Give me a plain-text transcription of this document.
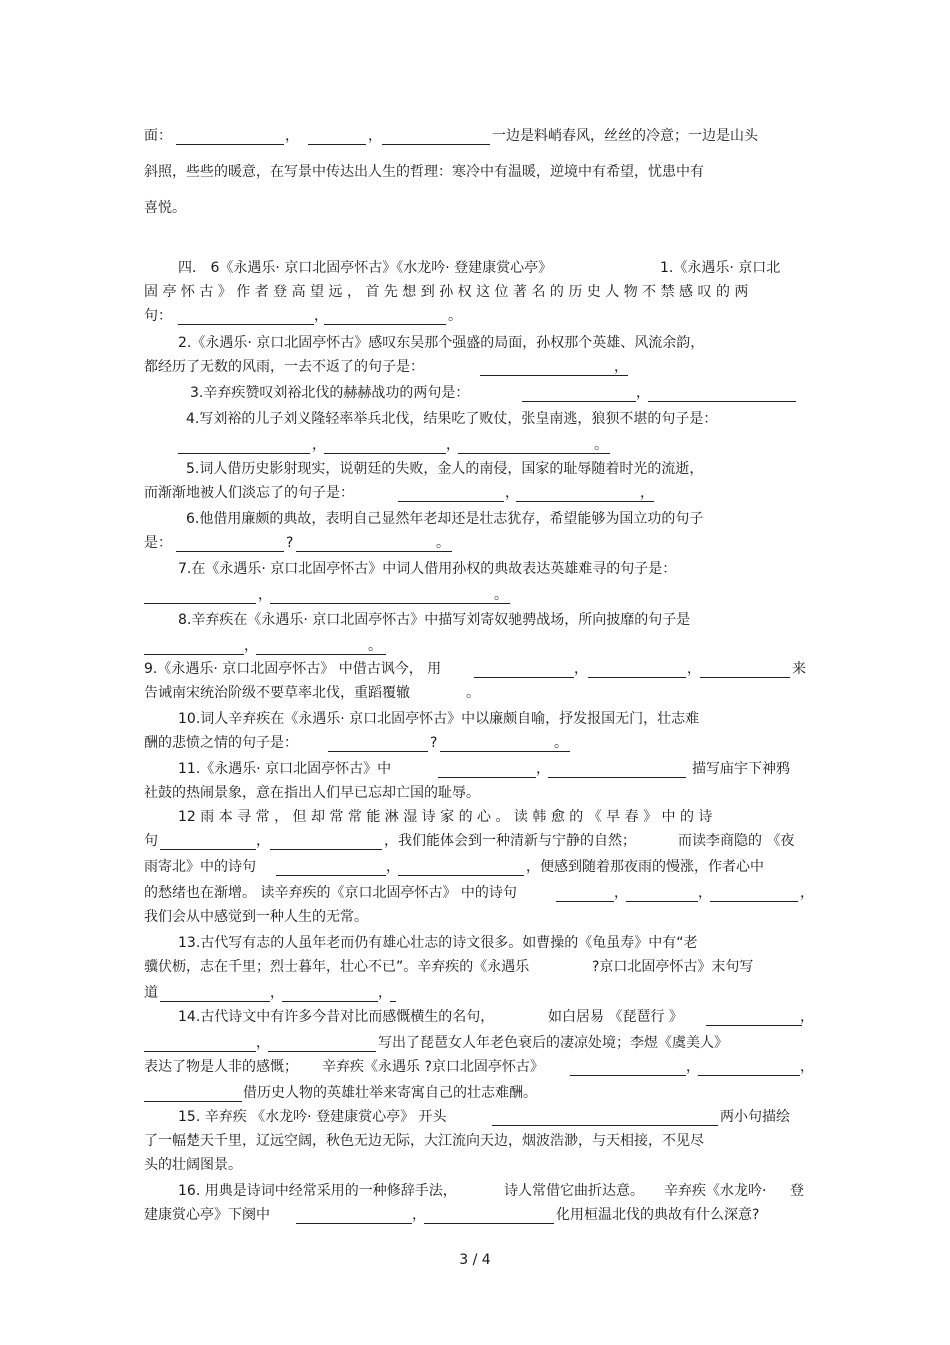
面：	，	，	一边是料峭春风，丝丝的冷意；一边是山头
斜照，些些的暖意，在写景中传达出人生的哲理：寒冷中有温暖，逆境中有希望，忧患中有
喜悦。
四． 6《永遇乐· 京口北固亭怀古》《水龙吟· 登建康赏心亭》	1.《永遇乐· 京口北
固 亭 怀 古 》 作 者 登 高 望 远 ， 首 先 想 到 孙 权 这 位 著 名 的 历 史 人 物 不 禁 感 叹 的 两
句：	，	。
2.《永遇乐· 京口北固亭怀古》感叹东吴那个强盛的局面，孙权那个英雄、风流余韵，
都经历了无数的风雨，一去不返了的句子是：	，
3.辛弃疾赞叹刘裕北伐的赫赫战功的两句是：	，
4.写刘裕的儿子刘义隆轻率举兵北伐，结果吃了败仗，张皇南逃，狼狈不堪的句子是：
，	，	。
5.词人借历史影射现实，说朝廷的失败，金人的南侵，国家的耻辱随着时光的流逝，
而渐渐地被人们淡忘了的句子是：	，	，
6.他借用廉颇的典故，表明自己显然年老却还是壮志犹存，希望能够为国立功的句子
是：	?	。
7.在《永遇乐· 京口北固亭怀古》中词人借用孙权的典故表达英雄难寻的句子是：
，	。
8.辛弃疾在《永遇乐· 京口北固亭怀古》中描写刘寄奴驰骋战场，所向披靡的句子是
，	。
9.《永遇乐· 京口北固亭怀古》 中借古讽今， 用	，	，	来
告诫南宋统治阶级不要草率北伐，重蹈覆辙	。
10.词人辛弃疾在《永遇乐· 京口北固亭怀古》中以廉颇自喻，抒发报国无门，壮志难
酬的悲愤之情的句子是：	?	。
11.《永遇乐· 京口北固亭怀古》中	，	描写庙宇下神鸦
社鼓的热闹景象，意在指出人们早已忘却亡国的耻辱。
12 雨 本 寻 常 ， 但 却 常 常 能 淋 湿 诗 家 的 心 。 读 韩 愈 的 《 早 春 》 中 的 诗
句	，	，我们能体会到一种清新与宁静的自然；	而读李商隐的 《夜
雨寄北》中的诗句	，	，便感到随着那夜雨的慢涨，作者心中
的愁绪也在渐增。 读辛弃疾的《京口北固亭怀古》 中的诗句	，	，	，
我们会从中感觉到一种人生的无常。
13.古代写有志的人虽年老而仍有雄心壮志的诗文很多。如曹操的《龟虽寿》中有“老
骥伏枥，志在千里；烈士暮年，壮心不已”。辛弃疾的《永遇乐	?京口北固亭怀古》末句写
道	，	，
14.古代诗文中有许多今昔对比而感慨横生的名句，	如白居易 《琵琶行 》	，
，	写出了琵琶女人年老色衰后的凄凉处境；李煜《虞美人》
表达了物是人非的感慨； 辛弃疾《永遇乐 ?京口北固亭怀古》	，	，
借历史人物的英雄壮举来寄寓自己的壮志难酬。
15. 辛弃疾 《水龙吟· 登建康赏心亭》 开头	两小句描绘
了一幅楚天千里，辽远空阔，秋色无边无际，大江流向天边，烟波浩渺，与天相接，不见尽
头的壮阔图景。
16. 用典是诗词中经常采用的一种修辞手法，	诗人常借它曲折达意。 辛弃疾《水龙吟· 登
建康赏心亭》下阕中	，	化用桓温北伐的典故有什么深意?
3 / 4
